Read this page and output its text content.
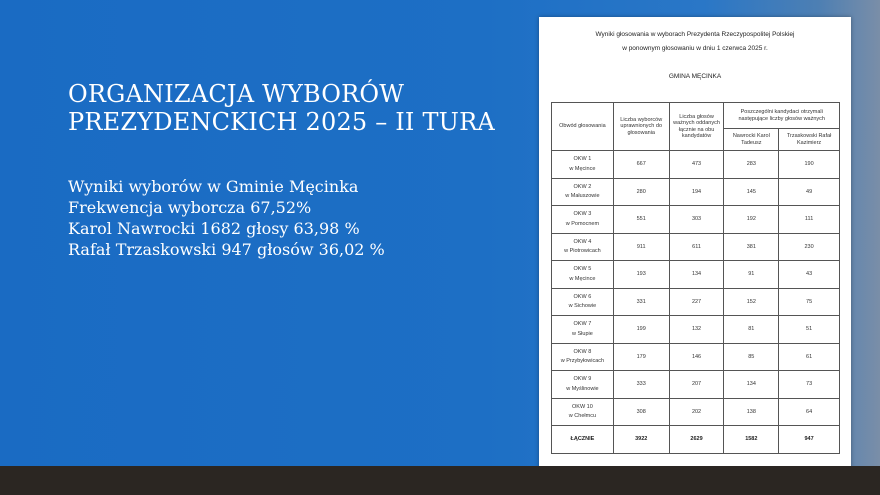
ORGANIZACJA WYBORÓW
PREZYDENCKICH 2025 – II TURA
Wyniki wyborów w Gminie Męcinka
Frekwencja wyborcza 67,52%
Karol Nawrocki 1682 głosy 63,98 %
Rafał Trzaskowski 947 głosów 36,02 %
Wyniki głosowania w wyborach Prezydenta Rzeczypospolitej Polskiej
w ponownym głosowaniu w dniu 1 czerwca 2025 r.
GMINA MĘCINKA
Obwód głosowania	Liczba wyborców uprawnionych do głosowania	Liczba głosów ważnych oddanych łącznie na obu kandydatów	Poszczególni kandydaci otrzymali następujące liczby głosów ważnych	
			Nawrocki Karol Tadeusz	Trzaskowski Rafał Kazimierz

OKW 1
w Męcince	667	473	283	190

OKW 2
w Małuszowie	280	194	145	49

OKW 3
w Pomocnem	551	303	192	111

OKW 4
w Piotrowicach	911	611	381	230

OKW 5
w Męcince	193	134	91	43

OKW 6
w Sichowie	331	227	152	75

OKW 7
w Słupie	199	132	81	51

OKW 8
w Przybyłowicach	179	146	85	61

OKW 9
w Myślinowie	333	207	134	73

OKW 10
w Chełmcu	308	202	138	64
ŁĄCZNIE	3922	2629	1582	947
